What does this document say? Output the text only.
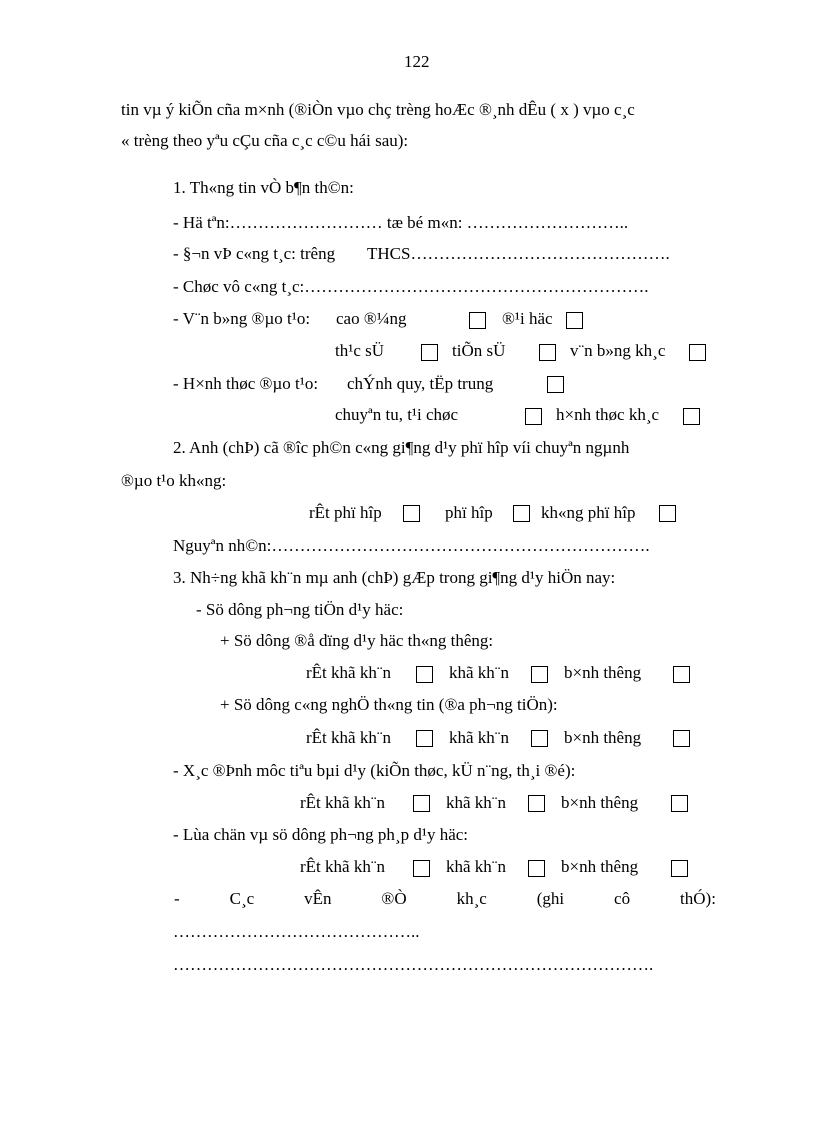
122
tin vµ ý kiÕn cña m×nh (®iÒn vµo chç trèng hoÆc ®¸nh dÊu ( x ) vµo c¸c
« trèng theo yªu cÇu cña c¸c c©u hái sau):
1. Th«ng tin vÒ b¶n th©n:
- Hä tªn:……………………… tæ bé m«n: ………………………..
- §¬n vÞ c«ng t¸c: trêng THCS……………………………………….
- Chøc vô c«ng t¸c:…………………………………………………….
- V¨n b»ng ®µo t¹o: cao ®¼ng	®¹i häc
th¹c sÜ	tiÕn sÜ	v¨n b»ng kh¸c
- H×nh thøc ®µo t¹o: chÝnh quy, tËp trung
chuyªn tu, t¹i chøc	h×nh thøc kh¸c
2. Anh (chÞ) cã ®îc ph©n c«ng gi¶ng d¹y phï hîp víi chuyªn ngµnh
®µo t¹o kh«ng:
rÊt phï hîp	phï hîp	kh«ng phï hîp
Nguyªn nh©n:………………………………………………………….
3. Nh÷ng khã kh¨n mµ anh (chÞ) gÆp trong gi¶ng d¹y hiÖn nay:
- Sö dông ph¬ng tiÖn d¹y häc:
+ Sö dông ®å dïng d¹y häc th«ng thêng:
rÊt khã kh¨n	khã kh¨n	b×nh thêng
+ Sö dông c«ng nghÖ th«ng tin (®a ph¬ng tiÖn):
rÊt khã kh¨n	khã kh¨n	b×nh thêng
- X¸c ®Þnh môc tiªu bµi d¹y (kiÕn thøc, kÜ n¨ng, th¸i ®é):
rÊt khã kh¨n	khã kh¨n	b×nh thêng
- Lùa chän vµ sö dông ph¬ng ph¸p d¹y häc:
rÊt khã kh¨n	khã kh¨n	b×nh thêng
-	C¸c	vÊn	®Ò	kh¸c	(ghi	cô	thÓ):
……………………………………..
………………………………………………………………………….
